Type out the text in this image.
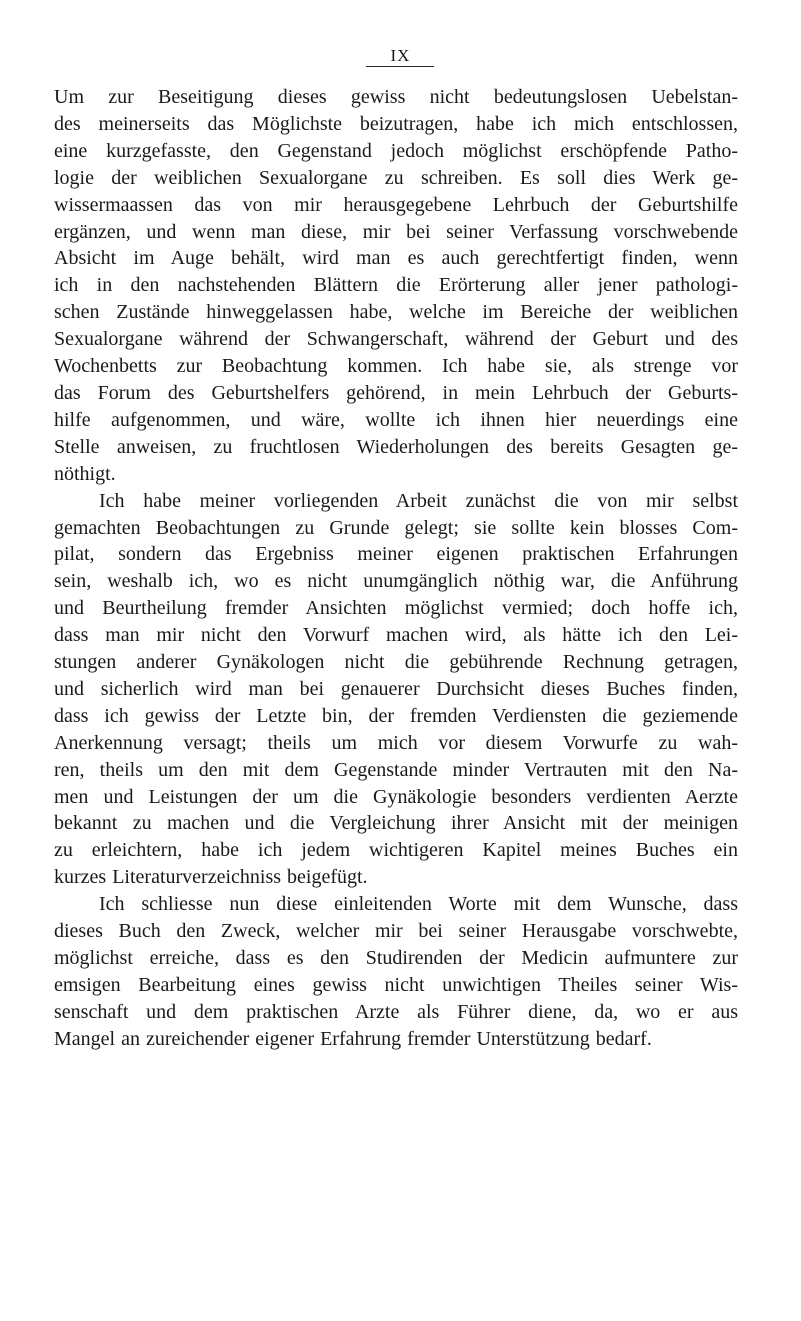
IX
Um zur Beseitigung dieses gewiss nicht bedeutungslosen Uebelstan-
des meinerseits das Möglichste beizutragen, habe ich mich entschlossen,
eine kurzgefasste, den Gegenstand jedoch möglichst erschöpfende Patho-
logie der weiblichen Sexualorgane zu schreiben. Es soll dies Werk ge-
wissermaassen das von mir herausgegebene Lehrbuch der Geburtshilfe
ergänzen, und wenn man diese, mir bei seiner Verfassung vorschwebende
Absicht im Auge behält, wird man es auch gerechtfertigt finden, wenn
ich in den nachstehenden Blättern die Erörterung aller jener pathologi-
schen Zustände hinweggelassen habe, welche im Bereiche der weiblichen
Sexualorgane während der Schwangerschaft, während der Geburt und des
Wochenbetts zur Beobachtung kommen. Ich habe sie, als strenge vor
das Forum des Geburtshelfers gehörend, in mein Lehrbuch der Geburts-
hilfe aufgenommen, und wäre, wollte ich ihnen hier neuerdings eine
Stelle anweisen, zu fruchtlosen Wiederholungen des bereits Gesagten ge-
nöthigt.
Ich habe meiner vorliegenden Arbeit zunächst die von mir selbst
gemachten Beobachtungen zu Grunde gelegt; sie sollte kein blosses Com-
pilat, sondern das Ergebniss meiner eigenen praktischen Erfahrungen
sein, weshalb ich, wo es nicht unumgänglich nöthig war, die Anführung
und Beurtheilung fremder Ansichten möglichst vermied; doch hoffe ich,
dass man mir nicht den Vorwurf machen wird, als hätte ich den Lei-
stungen anderer Gynäkologen nicht die gebührende Rechnung getragen,
und sicherlich wird man bei genauerer Durchsicht dieses Buches finden,
dass ich gewiss der Letzte bin, der fremden Verdiensten die geziemende
Anerkennung versagt; theils um mich vor diesem Vorwurfe zu wah-
ren, theils um den mit dem Gegenstande minder Vertrauten mit den Na-
men und Leistungen der um die Gynäkologie besonders verdienten Aerzte
bekannt zu machen und die Vergleichung ihrer Ansicht mit der meinigen
zu erleichtern, habe ich jedem wichtigeren Kapitel meines Buches ein
kurzes Literaturverzeichniss beigefügt.
Ich schliesse nun diese einleitenden Worte mit dem Wunsche, dass
dieses Buch den Zweck, welcher mir bei seiner Herausgabe vorschwebte,
möglichst erreiche, dass es den Studirenden der Medicin aufmuntere zur
emsigen Bearbeitung eines gewiss nicht unwichtigen Theiles seiner Wis-
senschaft und dem praktischen Arzte als Führer diene, da, wo er aus
Mangel an zureichender eigener Erfahrung fremder Unterstützung bedarf.
